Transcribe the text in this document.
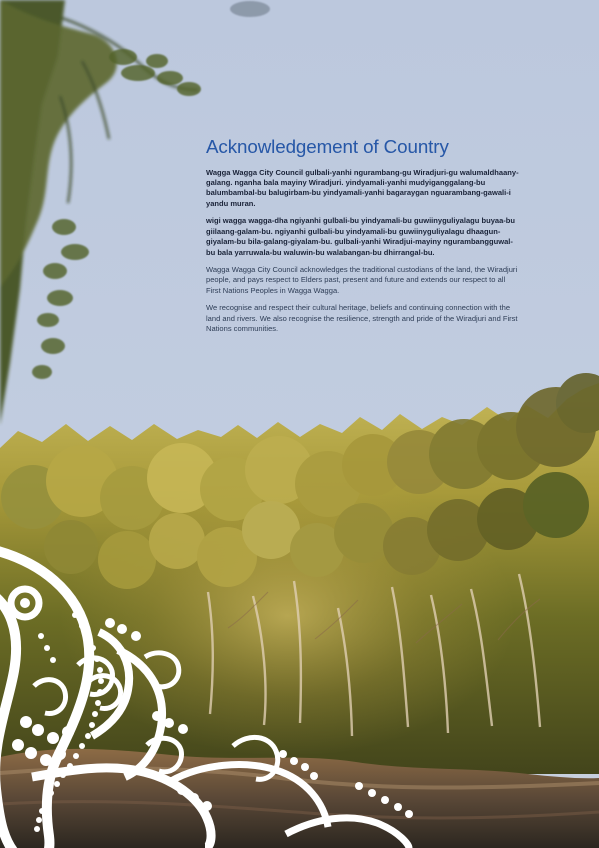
Acknowledgement of Country

Wagga Wagga City Council gulbali-yanhi ngurambang-gu Wiradjuri-gu walumaldhaany-galang. nganha bala mayiny Wiradjuri. yindyamali-yanhi mudyiganggalang-bu balumbambal-bu balugirbam-bu yindyamali-yanhi bagaraygan nguarambang-gawali-i yandu muran.

wigi wagga wagga-dha ngiyanhi gulbali-bu yindyamali-bu guwiinyguliyalagu buyaa-bu giilaang-galam-bu. ngiyanhi gulbali-bu yindyamali-bu guwiinyguliyalagu dhaagun-giyalam-bu bila-galang-giyalam-bu. gulbali-yanhi Wiradjui-mayiny ngurambangguwal-bu bala yarruwala-bu waluwin-bu walabangan-bu dhirrangal-bu.

Wagga Wagga City Council acknowledges the traditional custodians of the land, the Wiradjuri people, and pays respect to Elders past, present and future and extends our respect to all First Nations Peoples in Wagga Wagga.

We recognise and respect their cultural heritage, beliefs and continuing connection with the land and rivers. We also recognise the resilience, strength and pride of the Wiradjuri and First Nations communities.
